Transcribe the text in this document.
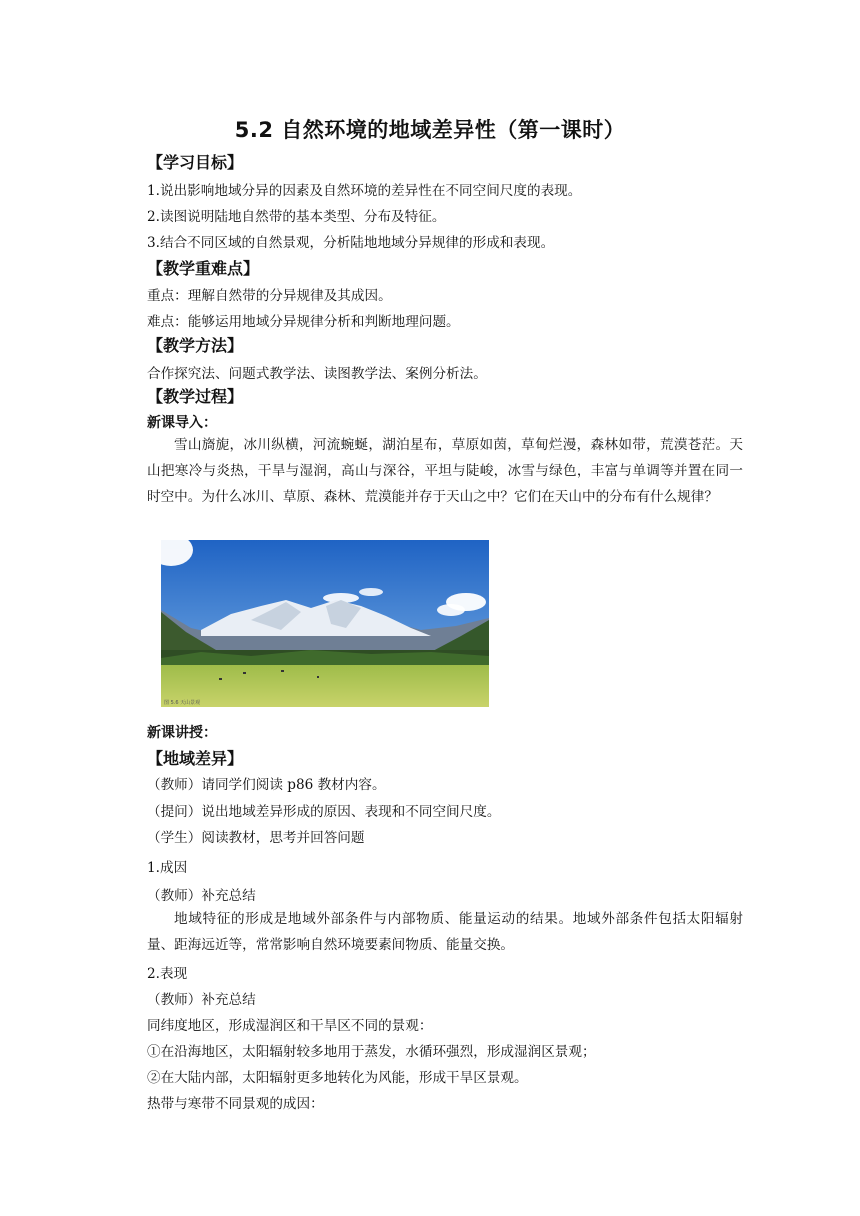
5.2 自然环境的地域差异性（第一课时）
【学习目标】
1.说出影响地域分异的因素及自然环境的差异性在不同空间尺度的表现。
2.读图说明陆地自然带的基本类型、分布及特征。
3.结合不同区域的自然景观，分析陆地地域分异规律的形成和表现。
【教学重难点】
重点：理解自然带的分异规律及其成因。
难点：能够运用地域分异规律分析和判断地理问题。
【教学方法】
合作探究法、问题式教学法、读图教学法、案例分析法。
【教学过程】
新课导入：

雪山旖旎，冰川纵横，河流蜿蜒，湖泊星布，草原如茵，草甸烂漫，森林如带，荒漠苍茫。天山把寒冷与炎热，干旱与湿润，高山与深谷，平坦与陡峻，冰雪与绿色，丰富与单调等并置在同一时空中。为什么冰川、草原、森林、荒漠能并存于天山之中？它们在天山中的分布有什么规律？

图 5.6 天山景观
新课讲授：
【地域差异】
（教师）请同学们阅读 p86 教材内容。
（提问）说出地域差异形成的原因、表现和不同空间尺度。
（学生）阅读教材，思考并回答问题
1.成因
（教师）补充总结

地域特征的形成是地域外部条件与内部物质、能量运动的结果。地域外部条件包括太阳辐射量、距海远近等，常常影响自然环境要素间物质、能量交换。

2.表现
（教师）补充总结
同纬度地区，形成湿润区和干旱区不同的景观：
①在沿海地区，太阳辐射较多地用于蒸发，水循环强烈，形成湿润区景观；
②在大陆内部，太阳辐射更多地转化为风能，形成干旱区景观。
热带与寒带不同景观的成因：
